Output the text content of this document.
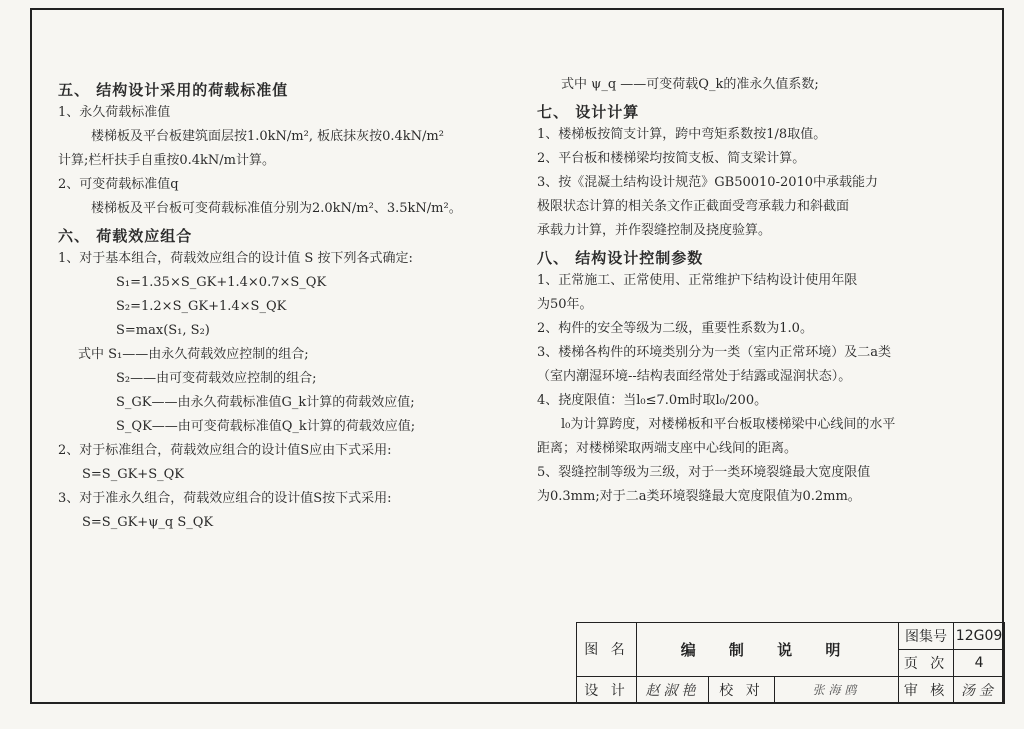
五、 结构设计采用的荷载标准值
1、永久荷载标准值
楼梯板及平台板建筑面层按1.0kN/m², 板底抹灰按0.4kN/m²
计算;栏杆扶手自重按0.4kN/m计算。
2、可变荷载标准值q
楼梯板及平台板可变荷载标准值分别为2.0kN/m²、3.5kN/m²。
六、 荷载效应组合
1、对于基本组合，荷载效应组合的设计值 S 按下列各式确定:
S₁=1.35×S_GK+1.4×0.7×S_QK
S₂=1.2×S_GK+1.4×S_QK
S=max(S₁, S₂)
式中 S₁——由永久荷载效应控制的组合;
S₂——由可变荷载效应控制的组合;
S_GK——由永久荷载标准值G_k计算的荷载效应值;
S_QK——由可变荷载标准值Q_k计算的荷载效应值;
2、对于标准组合，荷载效应组合的设计值S应由下式采用:
S=S_GK+S_QK
3、对于准永久组合，荷载效应组合的设计值S按下式采用:
S=S_GK+ψ_q S_QK
式中 ψ_q ——可变荷载Q_k的准永久值系数;
七、 设计计算
1、楼梯板按简支计算，跨中弯矩系数按1/8取值。
2、平台板和楼梯梁均按简支板、简支梁计算。
3、按《混凝土结构设计规范》GB50010-2010中承载能力
极限状态计算的相关条文作正截面受弯承载力和斜截面
承载力计算，并作裂缝控制及挠度验算。
八、 结构设计控制参数
1、正常施工、正常使用、正常维护下结构设计使用年限
为50年。
2、构件的安全等级为二级，重要性系数为1.0。
3、楼梯各构件的环境类别分为一类（室内正常环境）及二a类
（室内潮湿环境--结构表面经常处于结露或湿润状态）。
4、挠度限值：当l₀≤7.0m时取l₀/200。
l₀为计算跨度，对楼梯板和平台板取楼梯梁中心线间的水平
距离；对楼梯梁取两端支座中心线间的距离。
5、裂缝控制等级为三级，对于一类环境裂缝最大宽度限值
为0.3mm;对于二a类环境裂缝最大宽度限值为0.2mm。
图 名	编 制 说 明			图集号	12G09
				页 次	4
设 计	赵淑艳	校 对	张海鸥	审 核	汤金
